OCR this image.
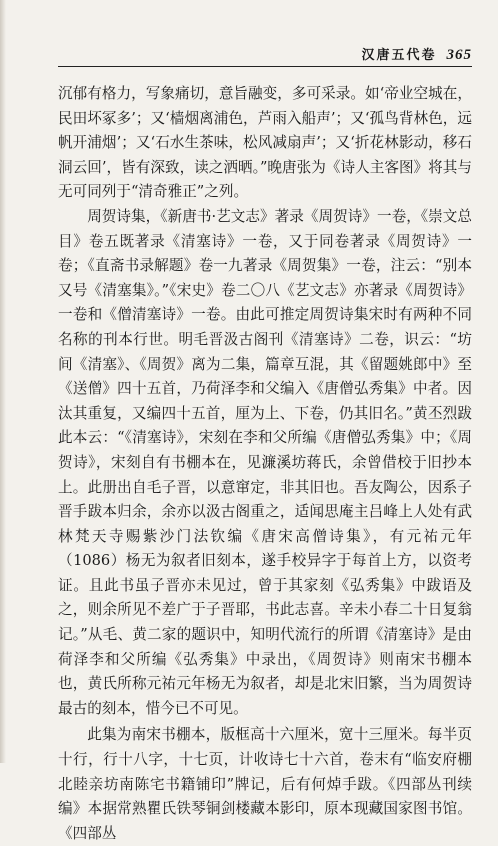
汉唐五代卷 365

沉郁有格力，写象痛切，意旨融变，多可采录。如‘帝业空城在，民田坏冢多’；又‘樯烟离浦色，芦雨入船声’；又‘孤鸟背林色，远帆开浦烟’；又‘石水生茶味，松风减扇声’；又‘折花林影动，移石洞云回’，皆有深致，读之洒晒。”晚唐张为《诗人主客图》将其与无可同列于“清奇雅正”之列。

周贺诗集，《新唐书·艺文志》著录《周贺诗》一卷，《崇文总目》卷五既著录《清塞诗》一卷，又于同卷著录《周贺诗》一卷；《直斋书录解题》卷一九著录《周贺集》一卷，注云：“别本又号《清塞集》。”《宋史》卷二〇八《艺文志》亦著录《周贺诗》一卷和《僧清塞诗》一卷。由此可推定周贺诗集宋时有两种不同名称的刊本行世。明毛晋汲古阁刊《清塞诗》二卷，识云：“坊间《清塞》、《周贺》离为二集，篇章互混，其《留题姚郎中》至《送僧》四十五首，乃荷泽李和父编入《唐僧弘秀集》中者。因汰其重复，又编四十五首，厘为上、下卷，仍其旧名。”黄丕烈跋此本云：“《清塞诗》，宋刻在李和父所编《唐僧弘秀集》中；《周贺诗》，宋刻自有书棚本在，见濂溪坊蒋氏，余曾借校于旧抄本上。此册出自毛子晋，以意窜定，非其旧也。吾友陶公，因系子晋手跋本归余，余亦以汲古阁重之，适闻思庵主吕峰上人处有武林梵天寺赐紫沙门法钦编《唐宋高僧诗集》，有元祐元年（1086）杨无为叙者旧刻本，遂手校异字于每首上方，以资考证。且此书虽子晋亦未见过，曾于其家刻《弘秀集》中跋语及之，则余所见不差广于子晋耶，书此志喜。辛未小春二十日复翁记。”从毛、黄二家的题识中，知明代流行的所谓《清塞诗》是由荷泽李和父所编《弘秀集》中录出，《周贺诗》则南宋书棚本也，黄氏所称元祐元年杨无为叙者，却是北宋旧繁，当为周贺诗最古的刻本，惜今已不可见。

此集为南宋书棚本，版框高十六厘米，宽十三厘米。每半页十行，行十八字，十七页，计收诗七十六首，卷末有“临安府棚北睦亲坊南陈宅书籍铺印”牌记，后有何焯手跋。《四部丛刊续编》本据常熟瞿氏铁琴铜剑楼藏本影印，原本现藏国家图书馆。《四部丛
